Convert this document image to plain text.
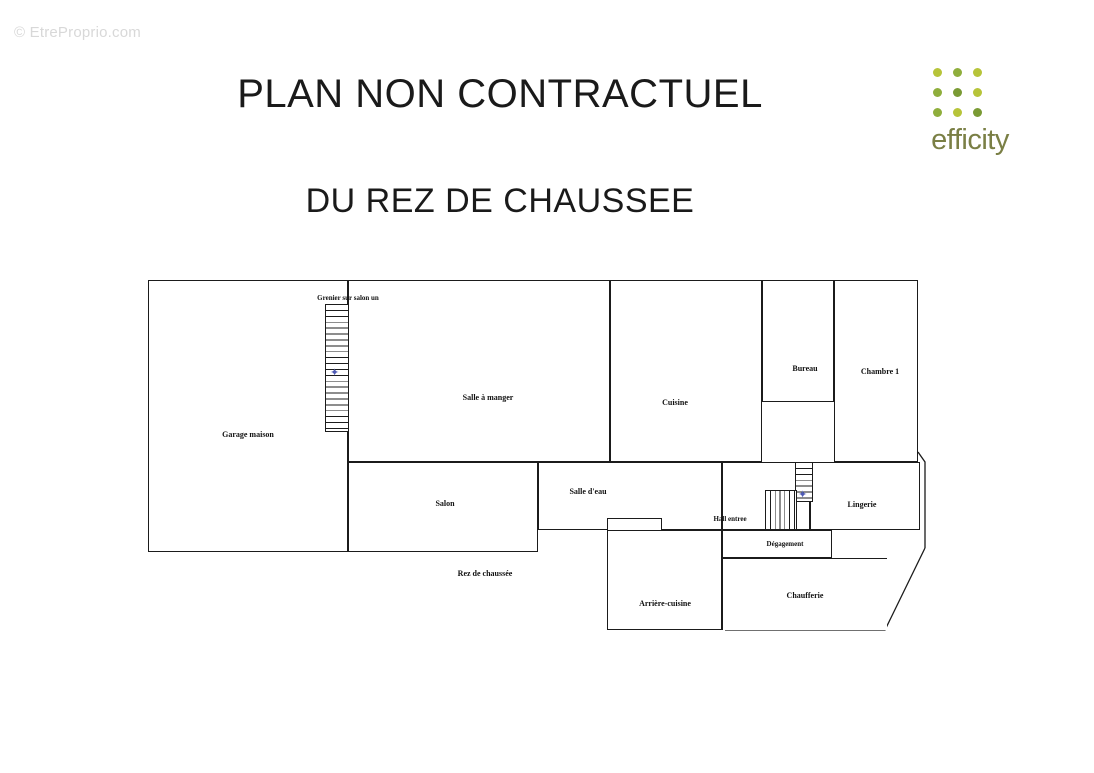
© EtreProprio.com
PLAN NON CONTRACTUEL
DU REZ DE CHAUSSEE
efficity
Garage maison
Salle à manger
Cuisine
Bureau	Chambre 1
Salon
Salle d'eau
Hall entree
Lingerie
Dégagement
Arrière-cuisine
Chaufferie
Grenier sur salon un
✦
✦
Rez de chaussée
